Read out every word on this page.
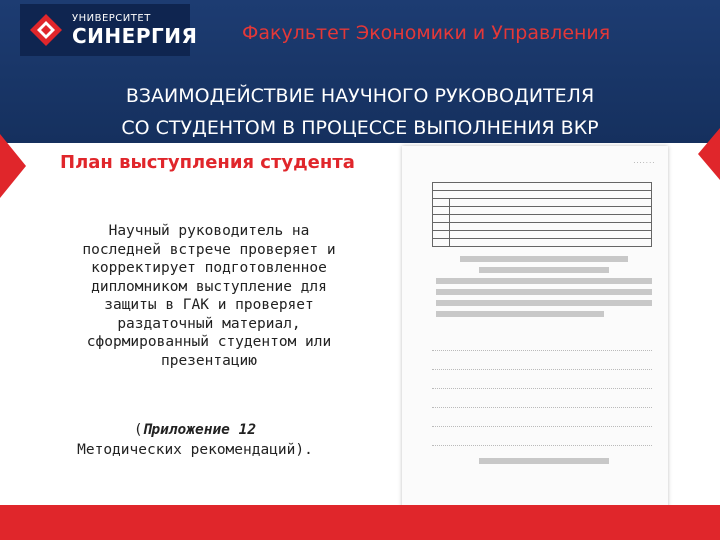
УНИВЕРСИТЕТ
СИНЕРГИЯ Факультет Экономики и Управления
ВЗАИМОДЕЙСТВИЕ НАУЧНОГО РУКОВОДИТЕЛЯ
СО СТУДЕНТОМ В ПРОЦЕССЕ ВЫПОЛНЕНИЯ ВКР
План выступления студента
Научный руководитель на
последней встрече проверяет и
корректирует подготовленное
дипломником выступление для
защиты в ГАК и проверяет
раздаточный материал,
сформированный студентом или
презентацию
(Приложение 12
Методических рекомендаций).
· · · · · · ·
